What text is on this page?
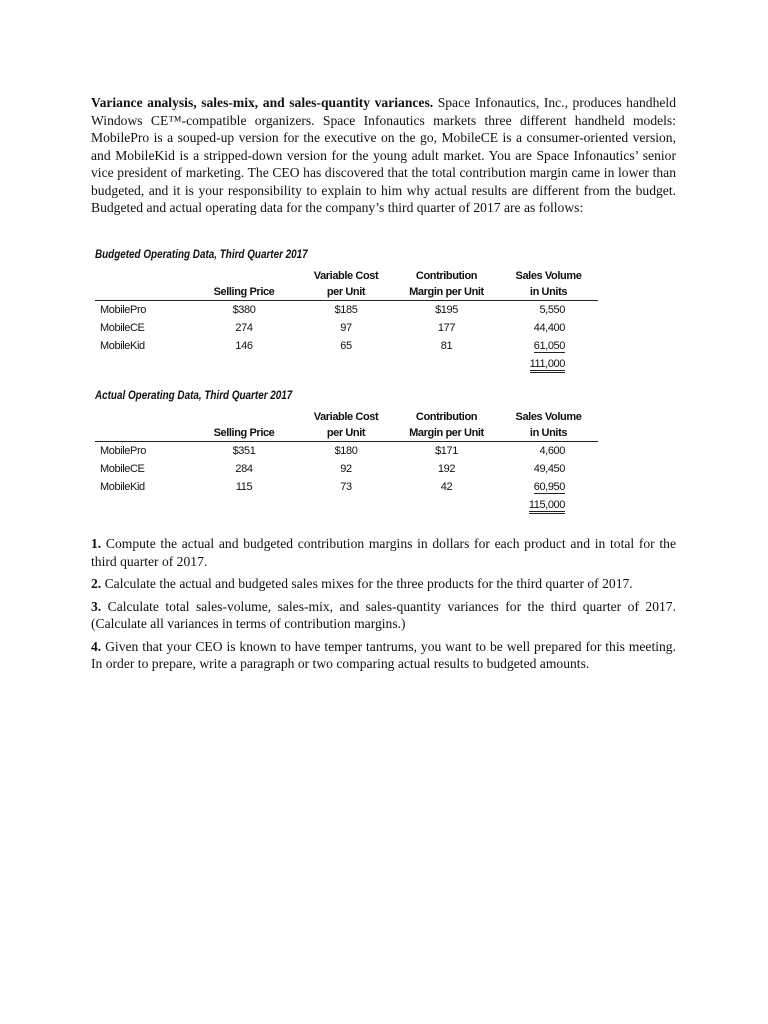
Variance analysis, sales-mix, and sales-quantity variances. Space Infonautics, Inc., produces handheld Windows CE™-compatible organizers. Space Infonautics markets three different handheld models: MobilePro is a souped-up version for the executive on the go, MobileCE is a consumer-oriented version, and MobileKid is a stripped-down version for the young adult market. You are Space Infonautics’ senior vice president of marketing. The CEO has discovered that the total contribution margin came in lower than budgeted, and it is your responsibility to explain to him why actual results are different from the budget. Budgeted and actual operating data for the company’s third quarter of 2017 are as follows:
Budgeted Operating Data, Third Quarter 2017
		Variable Cost	Contribution	Sales Volume
	Selling Price	per Unit	Margin per Unit	in Units
MobilePro	$380	$185	$195	5,550
MobileCE	274	97	177	44,400
MobileKid	146	65	81	61,050
				111,000
Actual Operating Data, Third Quarter 2017
		Variable Cost	Contribution	Sales Volume
	Selling Price	per Unit	Margin per Unit	in Units
MobilePro	$351	$180	$171	4,600
MobileCE	284	92	192	49,450
MobileKid	115	73	42	60,950
				115,000

1. Compute the actual and budgeted contribution margins in dollars for each product and in total for the third quarter of 2017.

2. Calculate the actual and budgeted sales mixes for the three products for the third quarter of 2017.

3. Calculate total sales-volume, sales-mix, and sales-quantity variances for the third quarter of 2017. (Calculate all variances in terms of contribution margins.)

4. Given that your CEO is known to have temper tantrums, you want to be well prepared for this meeting. In order to prepare, write a paragraph or two comparing actual results to budgeted amounts.
